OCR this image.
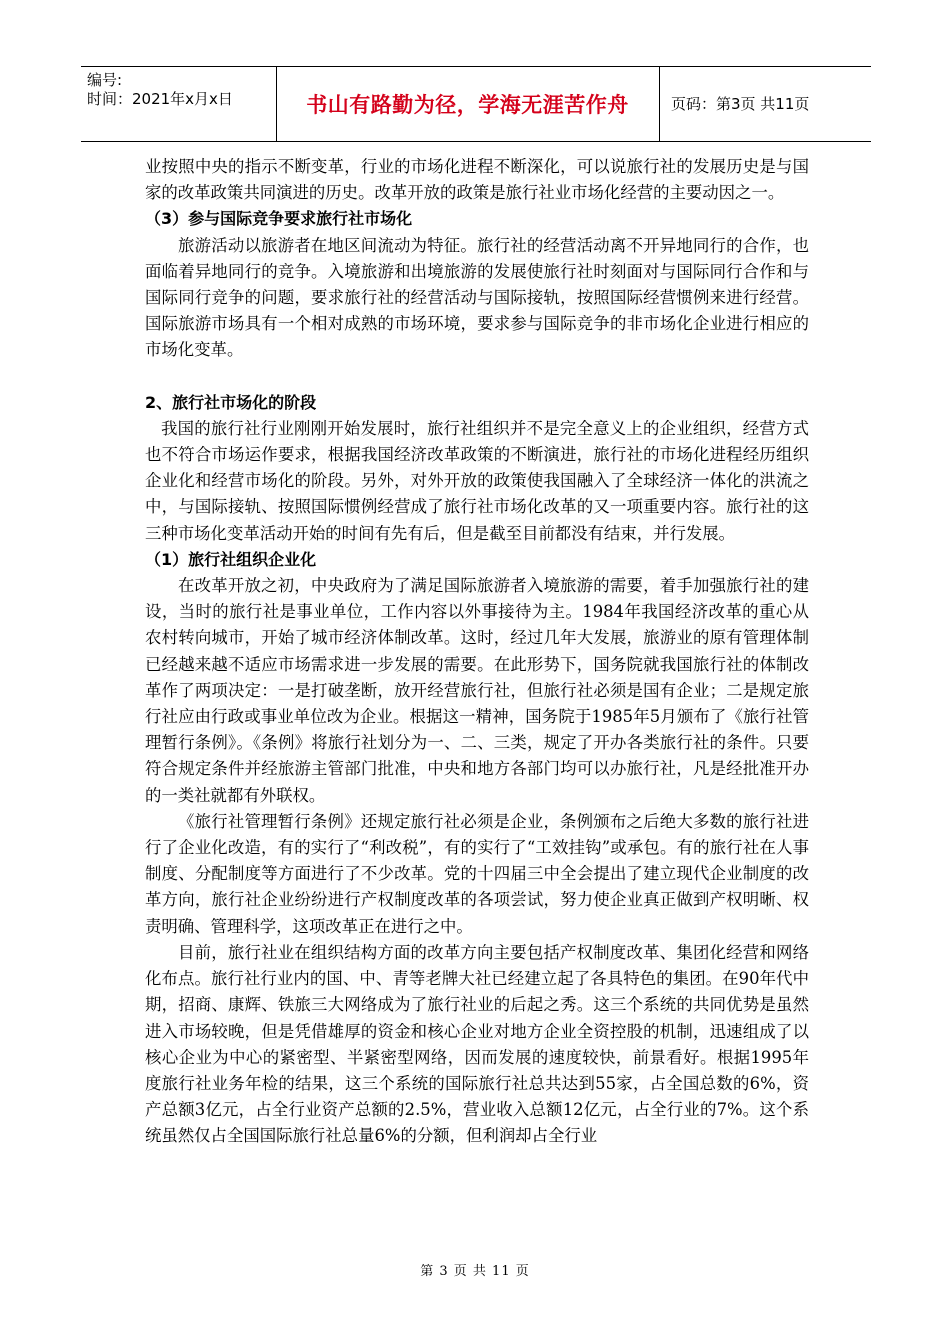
编号:
时间：2021年x月x日	书山有路勤为径，学海无涯苦作舟	页码：第3页 共11页

业按照中央的指示不断变革，行业的市场化进程不断深化，可以说旅行社的发展历史是与国家的改革政策共同演进的历史。改革开放的政策是旅行社业市场化经营的主要动因之一。

（3）参与国际竞争要求旅行社市场化

旅游活动以旅游者在地区间流动为特征。旅行社的经营活动离不开异地同行的合作，也面临着异地同行的竞争。入境旅游和出境旅游的发展使旅行社时刻面对与国际同行合作和与国际同行竞争的问题，要求旅行社的经营活动与国际接轨，按照国际经营惯例来进行经营。国际旅游市场具有一个相对成熟的市场环境，要求参与国际竞争的非市场化企业进行相应的市场化变革。

2、旅行社市场化的阶段

我国的旅行社行业刚刚开始发展时，旅行社组织并不是完全意义上的企业组织，经营方式也不符合市场运作要求，根据我国经济改革政策的不断演进，旅行社的市场化进程经历组织企业化和经营市场化的阶段。另外，对外开放的政策使我国融入了全球经济一体化的洪流之中，与国际接轨、按照国际惯例经营成了旅行社市场化改革的又一项重要内容。旅行社的这三种市场化变革活动开始的时间有先有后，但是截至目前都没有结束，并行发展。

（1）旅行社组织企业化

在改革开放之初，中央政府为了满足国际旅游者入境旅游的需要，着手加强旅行社的建设，当时的旅行社是事业单位，工作内容以外事接待为主。1984年我国经济改革的重心从农村转向城市，开始了城市经济体制改革。这时，经过几年大发展，旅游业的原有管理体制已经越来越不适应市场需求进一步发展的需要。在此形势下，国务院就我国旅行社的体制改革作了两项决定：一是打破垄断，放开经营旅行社，但旅行社必须是国有企业；二是规定旅行社应由行政或事业单位改为企业。根据这一精神，国务院于1985年5月颁布了《旅行社管理暂行条例》。《条例》将旅行社划分为一、二、三类，规定了开办各类旅行社的条件。只要符合规定条件并经旅游主管部门批准，中央和地方各部门均可以办旅行社，凡是经批准开办的一类社就都有外联权。

《旅行社管理暂行条例》还规定旅行社必须是企业，条例颁布之后绝大多数的旅行社进行了企业化改造，有的实行了“利改税”，有的实行了“工效挂钩”或承包。有的旅行社在人事制度、分配制度等方面进行了不少改革。党的十四届三中全会提出了建立现代企业制度的改革方向，旅行社企业纷纷进行产权制度改革的各项尝试，努力使企业真正做到产权明晰、权责明确、管理科学，这项改革正在进行之中。

目前，旅行社业在组织结构方面的改革方向主要包括产权制度改革、集团化经营和网络化布点。旅行社行业内的国、中、青等老牌大社已经建立起了各具特色的集团。在90年代中期，招商、康辉、铁旅三大网络成为了旅行社业的后起之秀。这三个系统的共同优势是虽然进入市场较晚，但是凭借雄厚的资金和核心企业对地方企业全资控股的机制，迅速组成了以核心企业为中心的紧密型、半紧密型网络，因而发展的速度较快，前景看好。根据1995年度旅行社业务年检的结果，这三个系统的国际旅行社总共达到55家，占全国总数的6%，资产总额3亿元，占全行业资产总额的2.5%，营业收入总额12亿元，占全行业的7%。这个系统虽然仅占全国国际旅行社总量6%的分额，但利润却占全行业

第 3 页 共 11 页
